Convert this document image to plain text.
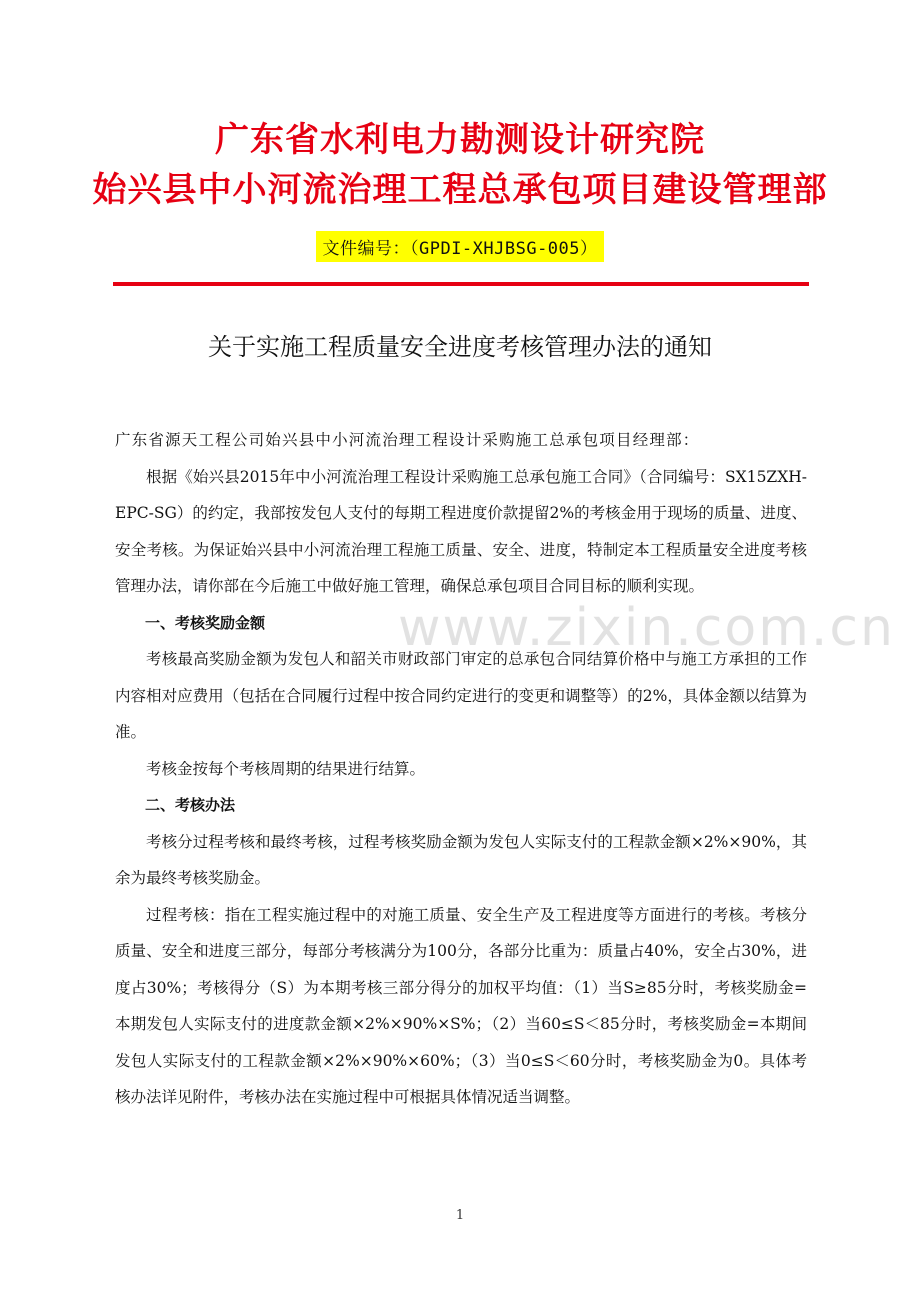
广东省水利电力勘测设计研究院
始兴县中小河流治理工程总承包项目建设管理部
文件编号：（GPDI-XHJBSG-005）
关于实施工程质量安全进度考核管理办法的通知
www.zixin.com.cn

广东省源天工程公司始兴县中小河流治理工程设计采购施工总承包项目经理部：

根据《始兴县2015年中小河流治理工程设计采购施工总承包施工合同》（合同编号：SX15ZXH-EPC-SG）的约定，我部按发包人支付的每期工程进度价款提留2%的考核金用于现场的质量、进度、安全考核。为保证始兴县中小河流治理工程施工质量、安全、进度，特制定本工程质量安全进度考核管理办法，请你部在今后施工中做好施工管理，确保总承包项目合同目标的顺利实现。

一、考核奖励金额

考核最高奖励金额为发包人和韶关市财政部门审定的总承包合同结算价格中与施工方承担的工作内容相对应费用（包括在合同履行过程中按合同约定进行的变更和调整等）的2%，具体金额以结算为准。

考核金按每个考核周期的结果进行结算。

二、考核办法

考核分过程考核和最终考核，过程考核奖励金额为发包人实际支付的工程款金额×2%×90%，其余为最终考核奖励金。

过程考核：指在工程实施过程中的对施工质量、安全生产及工程进度等方面进行的考核。考核分质量、安全和进度三部分，每部分考核满分为100分，各部分比重为：质量占40%，安全占30%，进度占30%；考核得分（S）为本期考核三部分得分的加权平均值：（1）当S≥85分时，考核奖励金=本期发包人实际支付的进度款金额×2%×90%×S%；（2）当60≤S＜85分时，考核奖励金=本期间发包人实际支付的工程款金额×2%×90%×60%；（3）当0≤S＜60分时，考核奖励金为0。具体考核办法详见附件，考核办法在实施过程中可根据具体情况适当调整。

1
